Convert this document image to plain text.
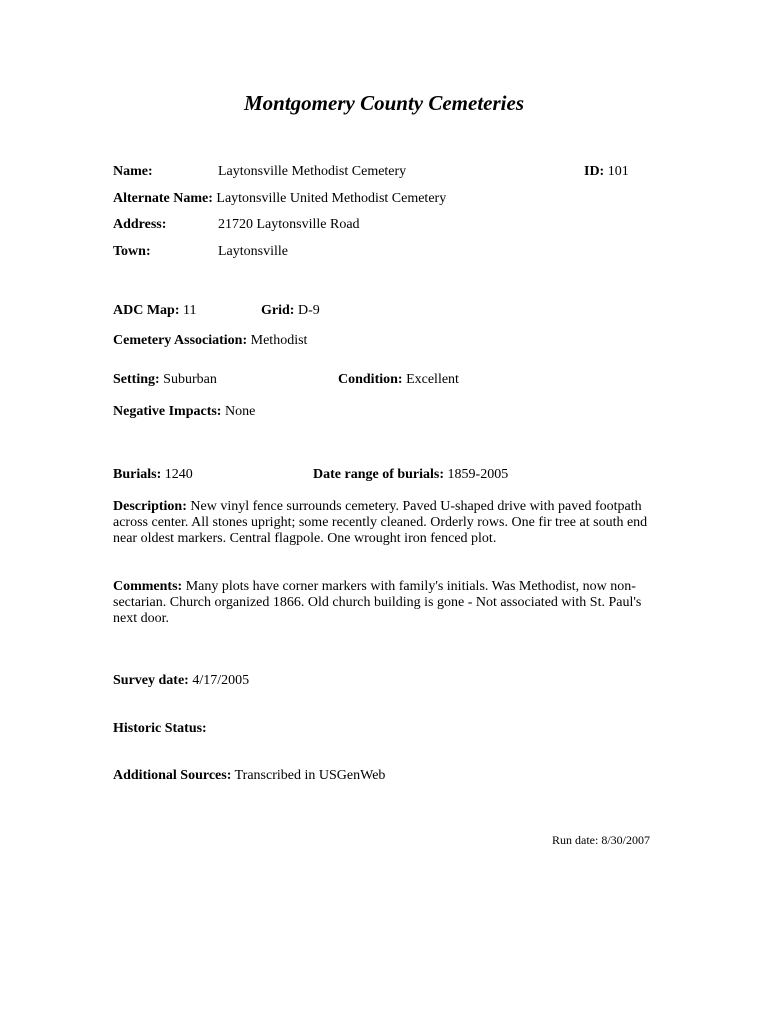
Montgomery County Cemeteries
Name:	Laytonsville Methodist Cemetery	ID: 101
Alternate Name: Laytonsville United Methodist Cemetery
Address:	21720 Laytonsville Road
Town:	Laytonsville
ADC Map: 11	Grid: D-9
Cemetery Association: Methodist
Setting: Suburban	Condition: Excellent
Negative Impacts: None
Burials: 1240	Date range of burials: 1859-2005
Description: New vinyl fence surrounds cemetery. Paved U-shaped drive with paved footpath across center. All stones upright; some recently cleaned. Orderly rows. One fir tree at south end near oldest markers. Central flagpole. One wrought iron fenced plot.
Comments: Many plots have corner markers with family's initials. Was Methodist, now non-sectarian. Church organized 1866. Old church building is gone - Not associated with St. Paul's next door.
Survey date: 4/17/2005
Historic Status:
Additional Sources: Transcribed in USGenWeb
Run date: 8/30/2007
